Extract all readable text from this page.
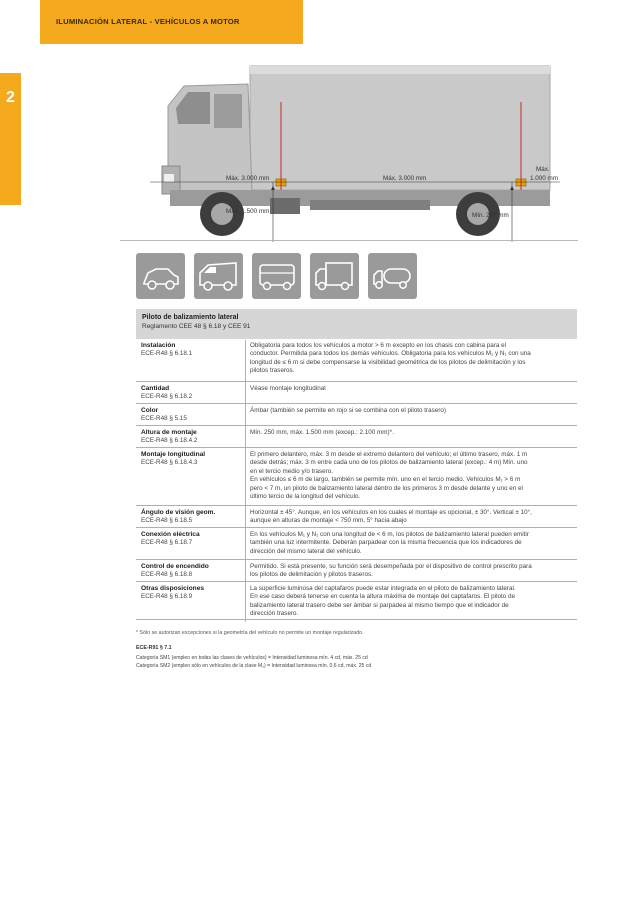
ILUMINACIÓN LATERAL - VEHÍCULOS A MOTOR
2
Máx. 3.000 mm	Máx. 3.000 mm
Máx.
1.000 mm
Máx. 1.500 mm
Mín. 250 mm
Piloto de balizamiento lateral
Reglamento CEE 48 § 6.18 y CEE 91
Instalación
ECE-R48 § 6.18.1
Obligatoria para todos los vehículos a motor > 6 m excepto en los chasis con cabina para el
conductor. Permitida para todos los demás vehículos. Obligatoria para los vehículos M₁ y N₁ con una
longitud de ≤ 6 m si debe compensarse la visibilidad geométrica de los pilotos de delimitación y los
pilotos traseros.
Cantidad
ECE-R48 § 6.18.2
Véase montaje longitudinal
Color
ECE-R48 § 5.15
Ámbar (también se permite en rojo si se combina con el piloto trasero)
Altura de montaje
ECE-R48 § 6.18.4.2
Mín. 250 mm, máx. 1.500 mm (excep.: 2.100 mm)*.
Montaje longitudinal
ECE-R48 § 6.18.4.3
El primero delantero, máx. 3 m desde el extremo delantero del vehículo; el último trasero, máx. 1 m
desde detrás; máx. 3 m entre cada uno de los pilotos de balizamiento lateral (excep.: 4 m) Mín. uno
en el tercio medio y/o trasero.
En vehículos ≤ 6 m de largo, también se permite mín. uno en el tercio medio. Vehículos M₁ > 6 m
pero < 7 m, un piloto de balizamiento lateral dentro de los primeros 3 m desde delante y uno en el
último tercio de la longitud del vehículo.
Ángulo de visión geom.
ECE-R48 § 6.18.5
Horizontal ± 45°. Aunque, en los vehículos en los cuales el montaje es opcional, ± 30°. Vertical ± 10°,
aunque en alturas de montaje < 750 mm, 5° hacia abajo
Conexión eléctrica
ECE-R48 § 6.18.7
En los vehículos M₁ y N₁ con una longitud de < 6 m, los pilotos de balizamiento lateral pueden emitir
también una luz intermitente. Deberán parpadear con la misma frecuencia que los indicadores de
dirección del mismo lateral del vehículo.
Control de encendido
ECE-R48 § 6.18.8
Permitido. Si está presente, su función será desempeñada por el dispositivo de control prescrito para
los pilotos de delimitación y pilotos traseros.
Otras disposiciones
ECE-R48 § 6.18.9
La superficie luminosa del captafaros puede estar integrada en el piloto de balizamiento lateral.
En ese caso deberá tenerse en cuenta la altura máxima de montaje del captafaros. El piloto de
balizamiento lateral trasero debe ser ámbar si parpadea al mismo tiempo que el indicador de
dirección trasero.
* Sólo se autorizan excepciones si la geometría del vehículo no permite un montaje regularizado.
ECE-R91 § 7.1
Categoría SM1 (empleo en todas las clases de vehículos) = Intensidad luminosa mín. 4 cd, máx. 25 cd
Categoría SM2 (empleo sólo en vehículos de la clase M₁) = Intensidad luminosa mín. 0,6 cd, máx. 25 cd
